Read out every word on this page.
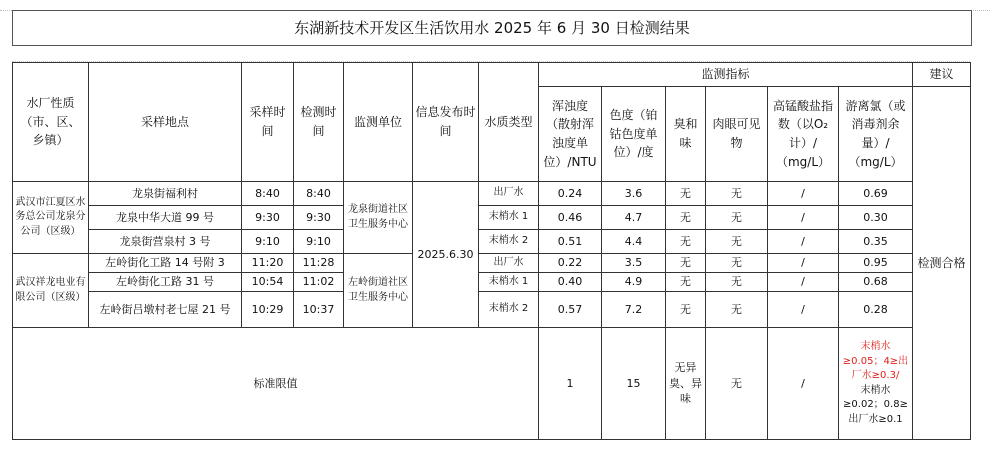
东湖新技术开发区生活饮用水 2025 年 6 月 30 日检测结果
水厂性质（市、区、乡镇）	采样地点	采样时间	检测时间	监测单位	信息发布时间	水质类型	监测指标						建议
							浑浊度（散射浑浊度单位）/NTU	色度（铂钴色度单位）/度	臭和味	肉眼可见物	高锰酸盐指数（以O₂计）/（mg/L）	游离氯（或消毒剂余量）/（mg/L）	检测合格
武汉市江夏区水务总公司龙泉分公司（区级）	龙泉街福利村	8:40	8:40	龙泉街道社区卫生服务中心	2025.6.30	出厂水	0.24	3.6	无	无	/	0.69	
	龙泉中华大道 99 号	9:30	9:30			末梢水 1	0.46	4.7	无	无	/	0.30	
	龙泉街营泉村 3 号	9:10	9:10			末梢水 2	0.51	4.4	无	无	/	0.35	
武汉祥龙电业有限公司（区级）	左岭街化工路 14 号附 3	11:20	11:28	左岭街道社区卫生服务中心		出厂水	0.22	3.5	无	无	/	0.95	
	左岭街化工路 31 号	10:54	11:02			末梢水 1	0.40	4.9	无	无	/	0.68	
	左岭街吕墩村老七屋 21 号	10:29	10:37			末梢水 2	0.57	7.2	无	无	/	0.28	
标准限值							1	15	无异臭、异味	无	/	末梢水≥0.05；4≥出厂水≥0.3/
末梢水≥0.02；0.8≥出厂水≥0.1	
